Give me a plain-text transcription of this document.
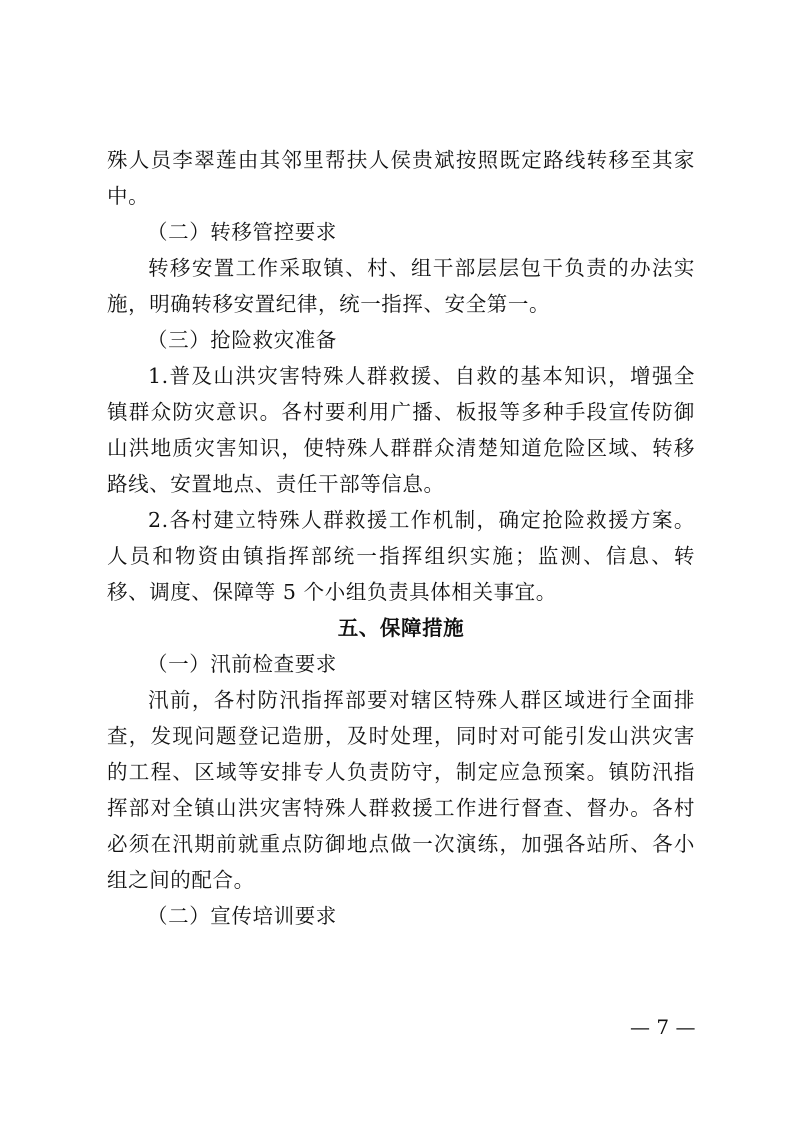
殊人员李翠莲由其邻里帮扶人侯贵斌按照既定路线转移至其家中。

（二）转移管控要求

转移安置工作采取镇、村、组干部层层包干负责的办法实施，明确转移安置纪律，统一指挥、安全第一。

（三）抢险救灾准备

1.普及山洪灾害特殊人群救援、自救的基本知识，增强全镇群众防灾意识。各村要利用广播、板报等多种手段宣传防御山洪地质灾害知识，使特殊人群群众清楚知道危险区域、转移路线、安置地点、责任干部等信息。

2.各村建立特殊人群救援工作机制，确定抢险救援方案。人员和物资由镇指挥部统一指挥组织实施；监测、信息、转移、调度、保障等 5 个小组负责具体相关事宜。

五、保障措施

（一）汛前检查要求

汛前，各村防汛指挥部要对辖区特殊人群区域进行全面排查，发现问题登记造册，及时处理，同时对可能引发山洪灾害的工程、区域等安排专人负责防守，制定应急预案。镇防汛指挥部对全镇山洪灾害特殊人群救援工作进行督查、督办。各村必须在汛期前就重点防御地点做一次演练，加强各站所、各小组之间的配合。

（二）宣传培训要求

— 7 —
